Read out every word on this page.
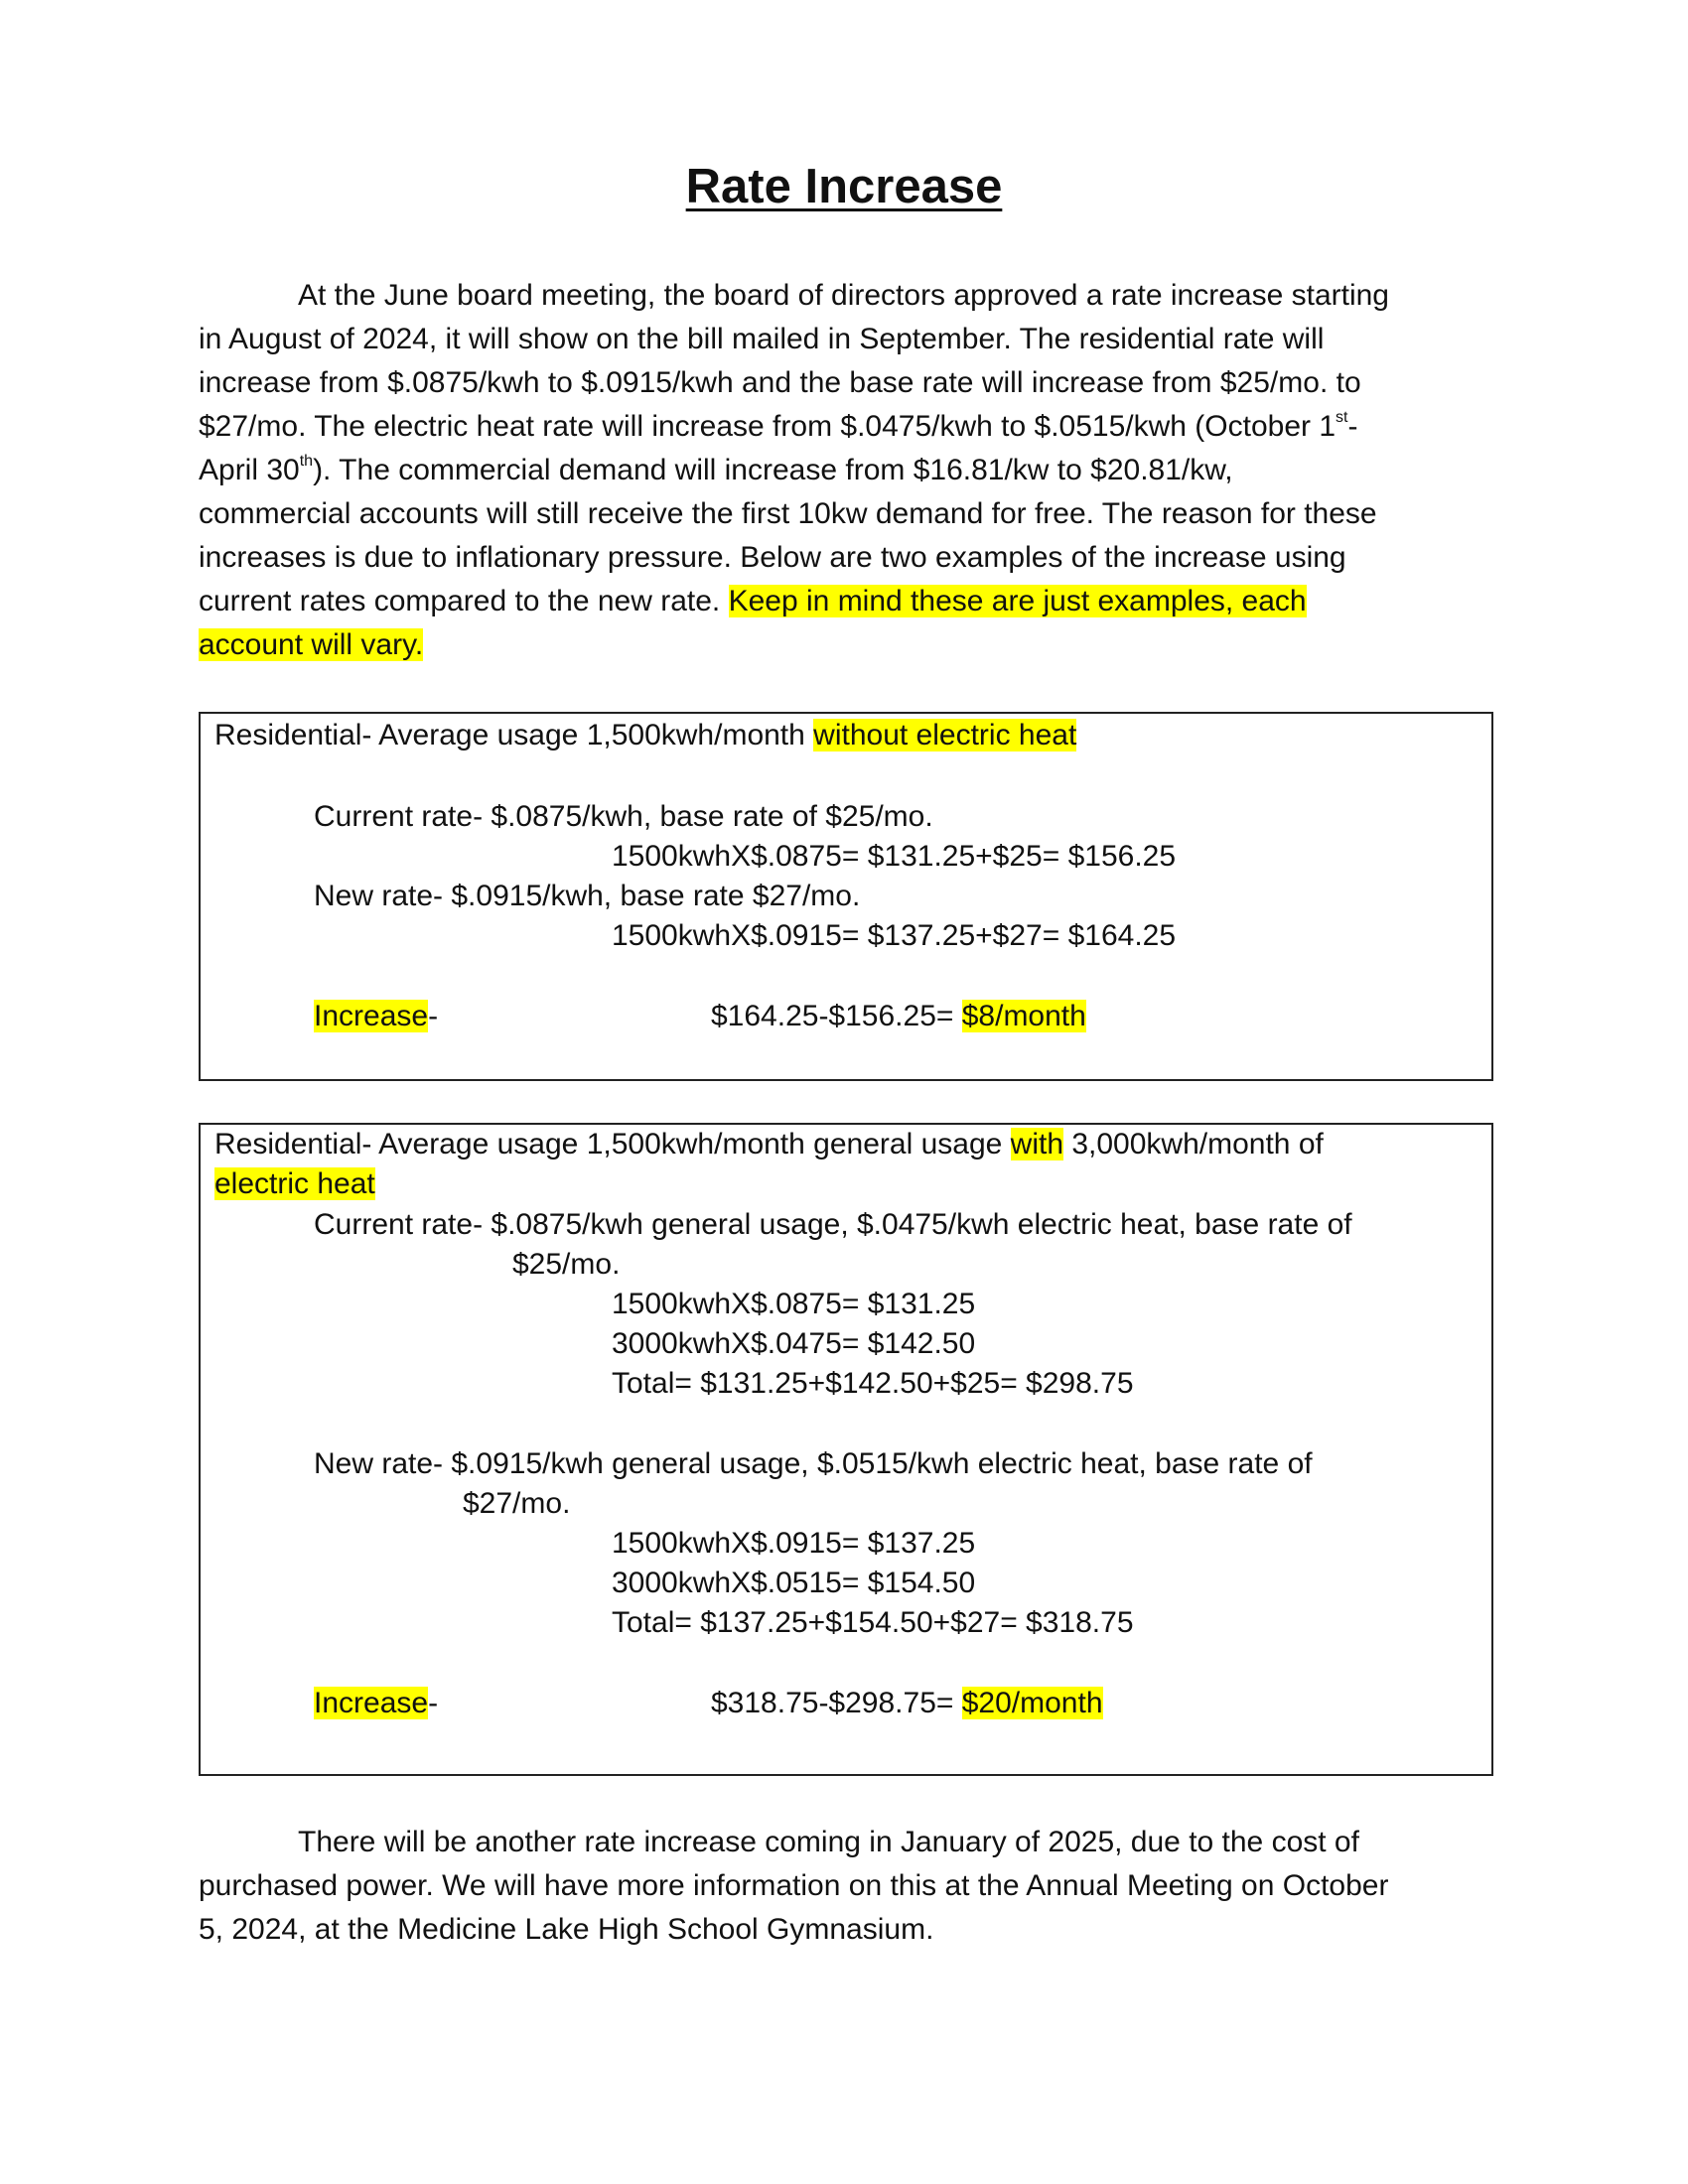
Rate Increase

At the June board meeting, the board of directors approved a rate increase starting
in August of 2024, it will show on the bill mailed in September. The residential rate will
increase from $.0875/kwh to $.0915/kwh and the base rate will increase from $25/mo. to
$27/mo. The electric heat rate will increase from $.0475/kwh to $.0515/kwh (October 1st-
April 30th). The commercial demand will increase from $16.81/kw to $20.81/kw,
commercial accounts will still receive the first 10kw demand for free. The reason for these
increases is due to inflationary pressure. Below are two examples of the increase using
current rates compared to the new rate. Keep in mind these are just examples, each
account will vary.

Residential- Average usage 1,500kwh/month without electric heat
Current rate- $.0875/kwh, base rate of $25/mo.
1500kwhX$.0875= $131.25+$25= $156.25
New rate- $.0915/kwh, base rate $27/mo.
1500kwhX$.0915= $137.25+$27= $164.25
Increase-	$164.25-$156.25= $8/month
Residential- Average usage 1,500kwh/month general usage with 3,000kwh/month of
electric heat
Current rate- $.0875/kwh general usage, $.0475/kwh electric heat, base rate of
$25/mo.
1500kwhX$.0875= $131.25
3000kwhX$.0475= $142.50
Total= $131.25+$142.50+$25= $298.75
New rate- $.0915/kwh general usage, $.0515/kwh electric heat, base rate of
$27/mo.
1500kwhX$.0915= $137.25
3000kwhX$.0515= $154.50
Total= $137.25+$154.50+$27= $318.75
Increase-	$318.75-$298.75= $20/month

There will be another rate increase coming in January of 2025, due to the cost of
purchased power. We will have more information on this at the Annual Meeting on October
5, 2024, at the Medicine Lake High School Gymnasium.
